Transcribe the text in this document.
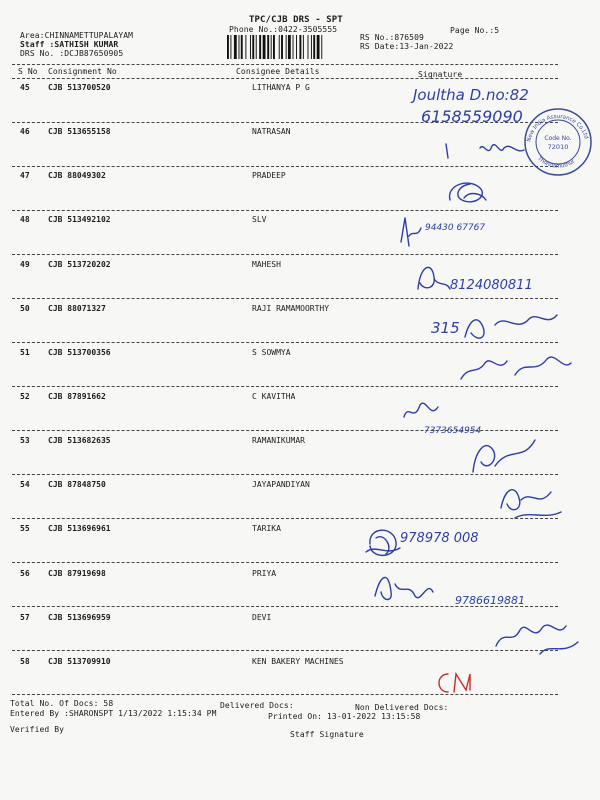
TPC/CJB DRS - SPT
Phone No.:0422-3505555	Page No.:5
Area:CHINNAMETTUPALAYAM
Staff :SATHISH KUMAR
DRS No. :DCJB87650905
RS No.:876509
RS Date:13-Jan-2022
S No Consignment No	Consignee Details	Signature
45 CJB 513700520	LITHANYA P G
46 CJB 513655158	NATRASAN
47 CJB 88049302	PRADEEP
48 CJB 513492102	SLV
49 CJB 513720202	MAHESH
50 CJB 88071327	RAJI RAMAMOORTHY
51 CJB 513700356	S SOWMYA
52 CJB 87891662	C KAVITHA
53 CJB 513682635	RAMANIKUMAR
54 CJB 87848750	JAYAPANDIYAN
55 CJB 513696961	TARIKA
56 CJB 87919698	PRIYA
57 CJB 513696959	DEVI
58 CJB 513709910	KEN BAKERY MACHINES
Joultha D.no:82
6158559090
94430 67767
8124080811
315
7373654954
978978 008
9786619881
New India Assurance Co.Ltd
Code No.
72010
Thondamuthur
Total No. Of Docs: 58	Delivered Docs:	Non Delivered Docs:
Entered By :SHARONSPT 1/13/2022 1:15:34 PM	Printed On: 13-01-2022 13:15:58
Verified By
Staff Signature
